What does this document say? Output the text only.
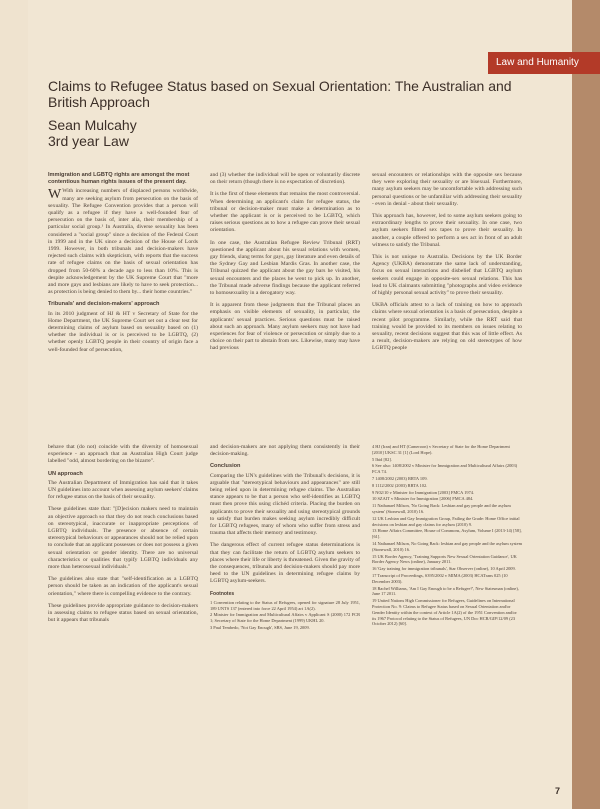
Law and Humanity
Claims to Refugee Status based on Sexual Orientation: The Australian and British Approach
Sean Mulcahy
3rd year Law
Immigration and LGBTQ rights are amongst the most contentious human rights issues of the present day.

W With increasing numbers of displaced persons worldwide, many are seeking asylum from persecution on the basis of sexuality. The Refugee Convention provides that a person will qualify as a refugee if they have a well-founded fear of persecution on the basis of, inter alia, their membership of a particular social group.¹ In Australia, diverse sexuality has been considered a "social group" since a decision of the Federal Court in 1999 and in the UK since a decision of the House of Lords 1999. However, in both tribunals and decision-makers have rejected such claims with skepticism, with reports that the success rate of refugee claims on the basis of sexual orientation has dropped from 50-60% a decade ago to less than 10%. This is despite acknowledgement by the UK Supreme Court that "more and more gays and lesbians are likely to have to seek protection... as protection is being denied to them by... their home countries."

Tribunals' and decision-makers' approach

In its 2010 judgment of HJ & HT v Secretary of State for the Home Department, the UK Supreme Court set out a clear test for determining claims of asylum based on sexuality based on (1) whether the individual is or is perceived to be LGBTQ, (2) whether openly LGBTQ people in their country of origin face a well-founded fear of persecution,

and (3) whether the individual will be open or voluntarily discrete on their return (though there is no expectation of discretion).

It is the first of these elements that remains the most controversial. When determining an applicant's claim for refugee status, the tribunal or decision-maker must make a determination as to whether the applicant is or is perceived to be LGBTQ, which raises serious questions as to how a refugee can prove their sexual orientation.

In one case, the Australian Refugee Review Tribunal (RRT) questioned the applicant about his sexual relations with women, gay friends, slang terms for gays, gay literature and even details of the Sydney Gay and Lesbian Mardis Gras. In another case, the Tribunal quizzed the applicant about the gay bars he visited, his sexual encounters and the places he went to pick up. In another, the Tribunal made adverse findings because the applicant referred to homosexuality in a derogatory way.

It is apparent from these judgments that the Tribunal places an emphasis on visible elements of sexuality, in particular, the applicants' sexual practices. Serious questions must be raised about such an approach. Many asylum seekers may not have had experiences for fear of violence or persecution or simply due to a choice on their part to abstain from sex. Likewise, many may have had previous

sexual encounters or relationships with the opposite sex because they were exploring their sexuality or are bisexual. Furthermore, many asylum seekers may be uncomfortable with addressing such personal questions or be unfamiliar with addressing their sexuality - even in denial - about their sexuality.

This approach has, however, led to some asylum seekers going to extraordinary lengths to prove their sexuality. In one case, two asylum seekers filmed sex tapes to prove their sexuality. In another, a couple offered to perform a sex act in front of an adult witness to satisfy the Tribunal.

This is not unique to Australia. Decisions by the UK Border Agency (UKBA) demonstrate the same lack of understanding, focus on sexual interactions and disbelief that LGBTQ asylum seekers could engage in opposite-sex sexual relations. This has lead to UK claimants submitting "photographs and video evidence of highly personal sexual activity" to prove their sexuality.

UKBA officials attest to a lack of training on how to approach claims where sexual orientation is a basis of persecution, despite a recent pilot programme. Similarly, while the RRT said that training would be provided to its members on issues relating to sexuality, recent decisions suggest that this was of little effect. As a result, decision-makers are relying on old stereotypes of how LGBTQ people

behave that (do not) coincide with the diversity of homosexual experience - an approach that an Australian High Court judge labelled "odd, almost bordering on the bizarre".

UN approach

The Australian Department of Immigration has said that it takes UN guidelines into account when assessing asylum seekers' claims for refugee status on the basis of their sexuality.

These guidelines state that: "[D]ecision makers need to maintain an objective approach so that they do not reach conclusions based on stereotypical, inaccurate or inappropriate perceptions of LGBTQ individuals. The presence or absence of certain stereotypical behaviours or appearances should not be relied upon to conclude that an applicant possesses or does not possess a given sexual orientation or gender identity. There are no universal characteristics or qualities that typify LGBTQ individuals any more than heterosexual individuals."

The guidelines also state that "self-identification as a LGBTQ person should be taken as an indication of the applicant's sexual orientation," where there is compelling evidence to the contrary.

These guidelines provide appropriate guidance to decision-makers in assessing claims to refugee status based on sexual orientation, but it appears that tribunals

and decision-makers are not applying them consistently in their decision-making.

Conclusion

Comparing the UN's guidelines with the Tribunal's decisions, it is arguable that "stereotypical behaviours and appearances" are still being relied upon in determining refugee claims. The Australian stance appears to be that a person who self-identifies as LGBTQ must then prove this using clichéd criteria. Placing the burden on applicants to prove their sexuality and using stereotypical grounds to satisfy that burden makes seeking asylum incredibly difficult for LGBTQ refugees, many of whom who suffer from stress and trauma that affects their memory and testimony.

The dangerous effect of current refugee status determinations is that they can facilitate the return of LGBTQ asylum seekers to places where their life or liberty is threatened. Given the gravity of the consequences, tribunals and decision-makers should pay more heed to the UN guidelines in determining refugee claims by LGBTQ asylum-seekers.

Footnotes

1 Convention relating to the Status of Refugees, opened for signature 28 July 1951, 189 UNTS 137 (entered into force 22 April 1954) art 1A(2).

2 Minister for Immigration and Multicultural Affairs v Applicant S (2000) 172 FCR 1; Secretary of State for the Home Department (1999) UKHL 20.

3 Paul Tembedo, 'Not Gay Enough', SBS, June 19, 2009.

4 HJ (Iran) and HT (Cameroon) v Secretary of State for the Home Department [2010] UKSC 31 [1] (Lord Hope).

5 Ibid [82].

6 See also: 1408/2002 v Minister for Immigration and Multicultural Affairs (2003) FCA 74.

7 1408/2002 (2003) RRTA 109.

8 1112/2002 (2003) RRTA 102.

9 N02/10 v Minister for Immigration [2003] FMCA 1974.

10 SZAIT v Minister for Immigration [2006] FMCA 484.

11 Nathanael Milson, 'No Going Back: Lesbian and gay people and the asylum system' (Stonewall, 2010) 16.

12 UK Lesbian and Gay Immigration Group, Failing the Grade: Home Office initial decisions on lesbian and gay claims for asylum (2010) 9.

13 Home Affairs Committee, House of Commons, Asylum, Volume I (2013-14) [58], [61].

14 Nathanael Milson, No Going Back: lesbian and gay people and the asylum system (Stonewall, 2010) 16.

15 UK Border Agency, 'Training Supports New Sexual Orientation Guidance', UK Border Agency News (online), January 2011.

16 'Gay training for immigration tribunals', Star Observer (online), 10 April 2009.

17 Transcript of Proceedings, S395/2002 v MIMA (2003) HCATrans 025 (10 December 2003).

18 Rachel Williams, 'Am I Gay Enough to be a Refugee?', New Statesman (online), June 17 2011.

19 United Nations High Commissioner for Refugees, Guidelines on International Protection No. 9: Claims to Refugee Status based on Sexual Orientation and/or Gender Identity within the context of Article 1A(2) of the 1951 Convention and/or its 1967 Protocol relating to the Status of Refugees, UN Doc HCR/GIP/12/09 (23 October 2012) [60].

7
